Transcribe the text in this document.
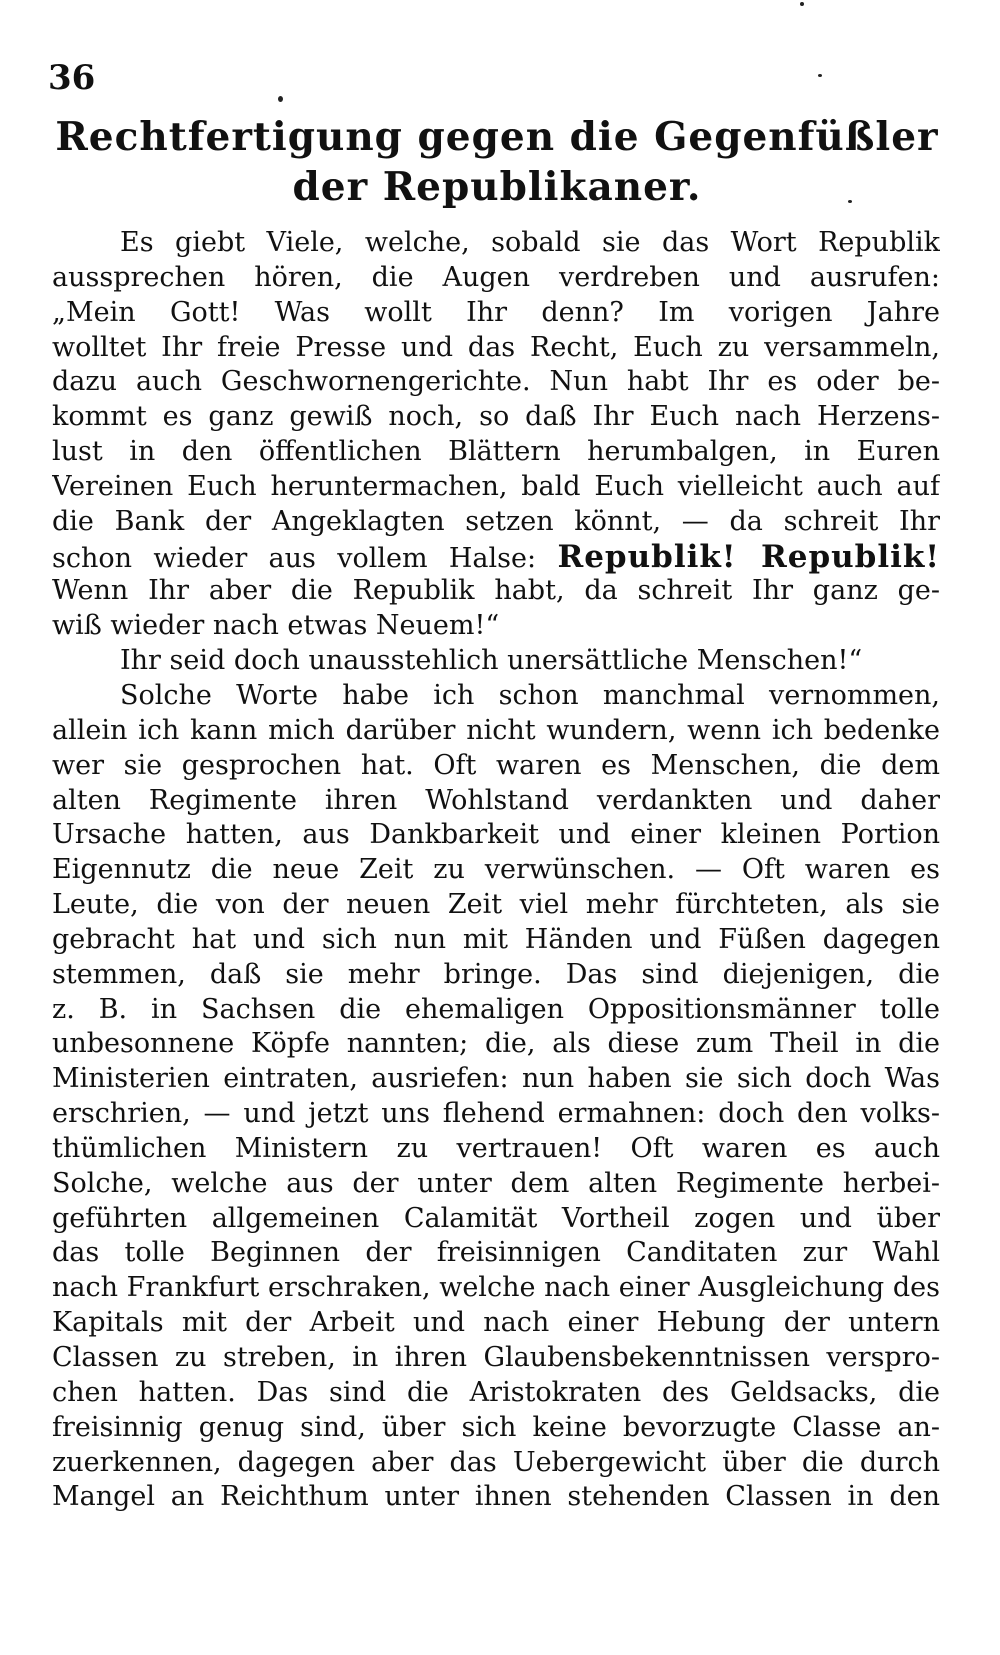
36

Rechtfertigung gegen die Gegenfüßler der Republikaner.
Es giebt Viele, welche, sobald sie das Wort Republik
aussprechen hören, die Augen verdreben und ausrufen:
„Mein Gott! Was wollt Ihr denn? Im vorigen Jahre
wolltet Ihr freie Presse und das Recht, Euch zu versammeln,
dazu auch Geschwornengerichte. Nun habt Ihr es oder be-
kommt es ganz gewiß noch, so daß Ihr Euch nach Herzens-
lust in den öffentlichen Blättern herumbalgen, in Euren
Vereinen Euch heruntermachen, bald Euch vielleicht auch auf
die Bank der Angeklagten setzen könnt, — da schreit Ihr
schon wieder aus vollem Halse: Republik! Republik!
Wenn Ihr aber die Republik habt, da schreit Ihr ganz ge-
wiß wieder nach etwas Neuem!“
Ihr seid doch unausstehlich unersättliche Menschen!“
Solche Worte habe ich schon manchmal vernommen,
allein ich kann mich darüber nicht wundern, wenn ich bedenke
wer sie gesprochen hat. Oft waren es Menschen, die dem
alten Regimente ihren Wohlstand verdankten und daher
Ursache hatten, aus Dankbarkeit und einer kleinen Portion
Eigennutz die neue Zeit zu verwünschen. — Oft waren es
Leute, die von der neuen Zeit viel mehr fürchteten, als sie
gebracht hat und sich nun mit Händen und Füßen dagegen
stemmen, daß sie mehr bringe. Das sind diejenigen, die
z. B. in Sachsen die ehemaligen Oppositionsmänner tolle
unbesonnene Köpfe nannten; die, als diese zum Theil in die
Ministerien eintraten, ausriefen: nun haben sie sich doch Was
erschrien, — und jetzt uns flehend ermahnen: doch den volks-
thümlichen Ministern zu vertrauen! Oft waren es auch
Solche, welche aus der unter dem alten Regimente herbei-
geführten allgemeinen Calamität Vortheil zogen und über
das tolle Beginnen der freisinnigen Canditaten zur Wahl
nach Frankfurt erschraken, welche nach einer Ausgleichung des
Kapitals mit der Arbeit und nach einer Hebung der untern
Classen zu streben, in ihren Glaubensbekenntnissen verspro-
chen hatten. Das sind die Aristokraten des Geldsacks, die
freisinnig genug sind, über sich keine bevorzugte Classe an-
zuerkennen, dagegen aber das Uebergewicht über die durch
Mangel an Reichthum unter ihnen stehenden Classen in den
